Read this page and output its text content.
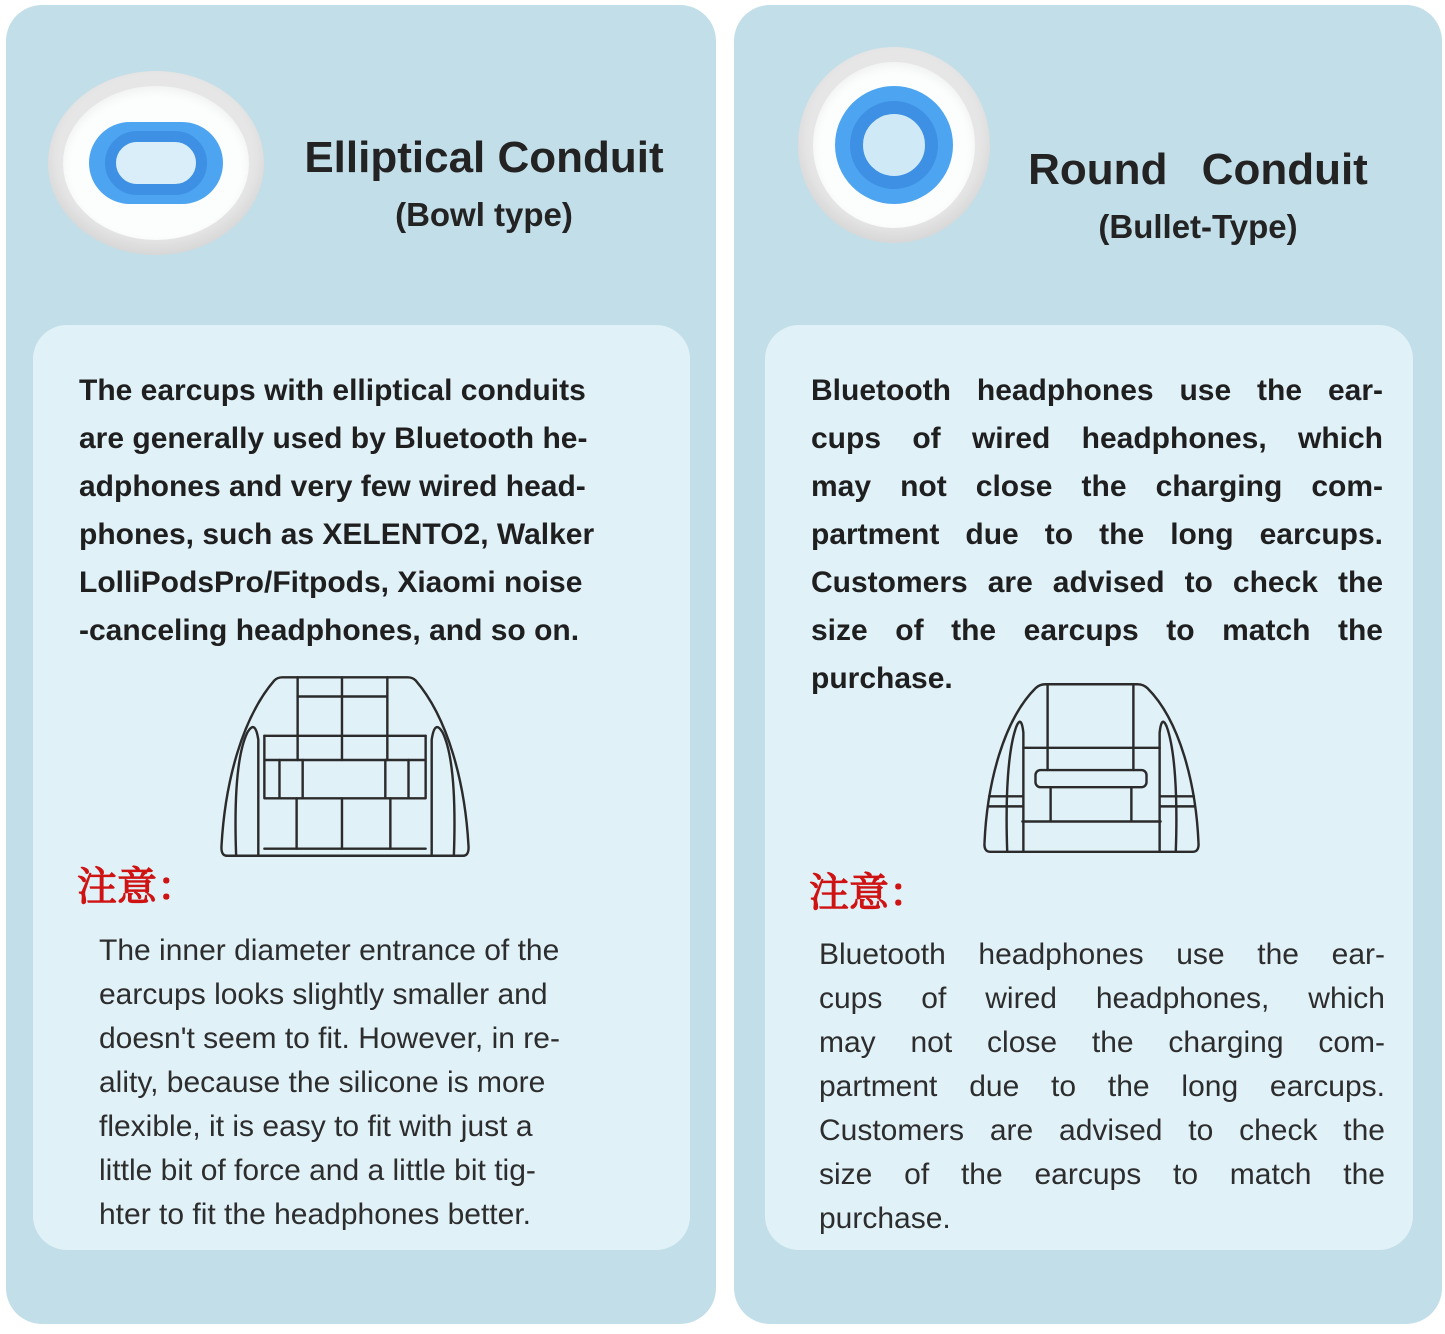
Elliptical Conduit
(Bowl type)
The earcups with elliptical conduits
are generally used by Bluetooth he-
adphones and very few wired head-
phones, such as XELENTO2, Walker
LolliPodsPro/Fitpods, Xiaomi noise
-canceling headphones, and so on.
注意：
The inner diameter entrance of the
earcups looks slightly smaller and
doesn't seem to fit. However, in re-
ality, because the silicone is more
flexible, it is easy to fit with just a
little bit of force and a little bit tig-
hter to fit the headphones better.
Round Conduit
(Bullet-Type)
Bluetooth headphones use the ear-
cups of wired headphones, which
may not close the charging com-
partment due to the long earcups.
Customers are advised to check the
size of the earcups to match the
purchase.
注意：
Bluetooth headphones use the ear-
cups of wired headphones, which
may not close the charging com-
partment due to the long earcups.
Customers are advised to check the
size of the earcups to match the
purchase.
